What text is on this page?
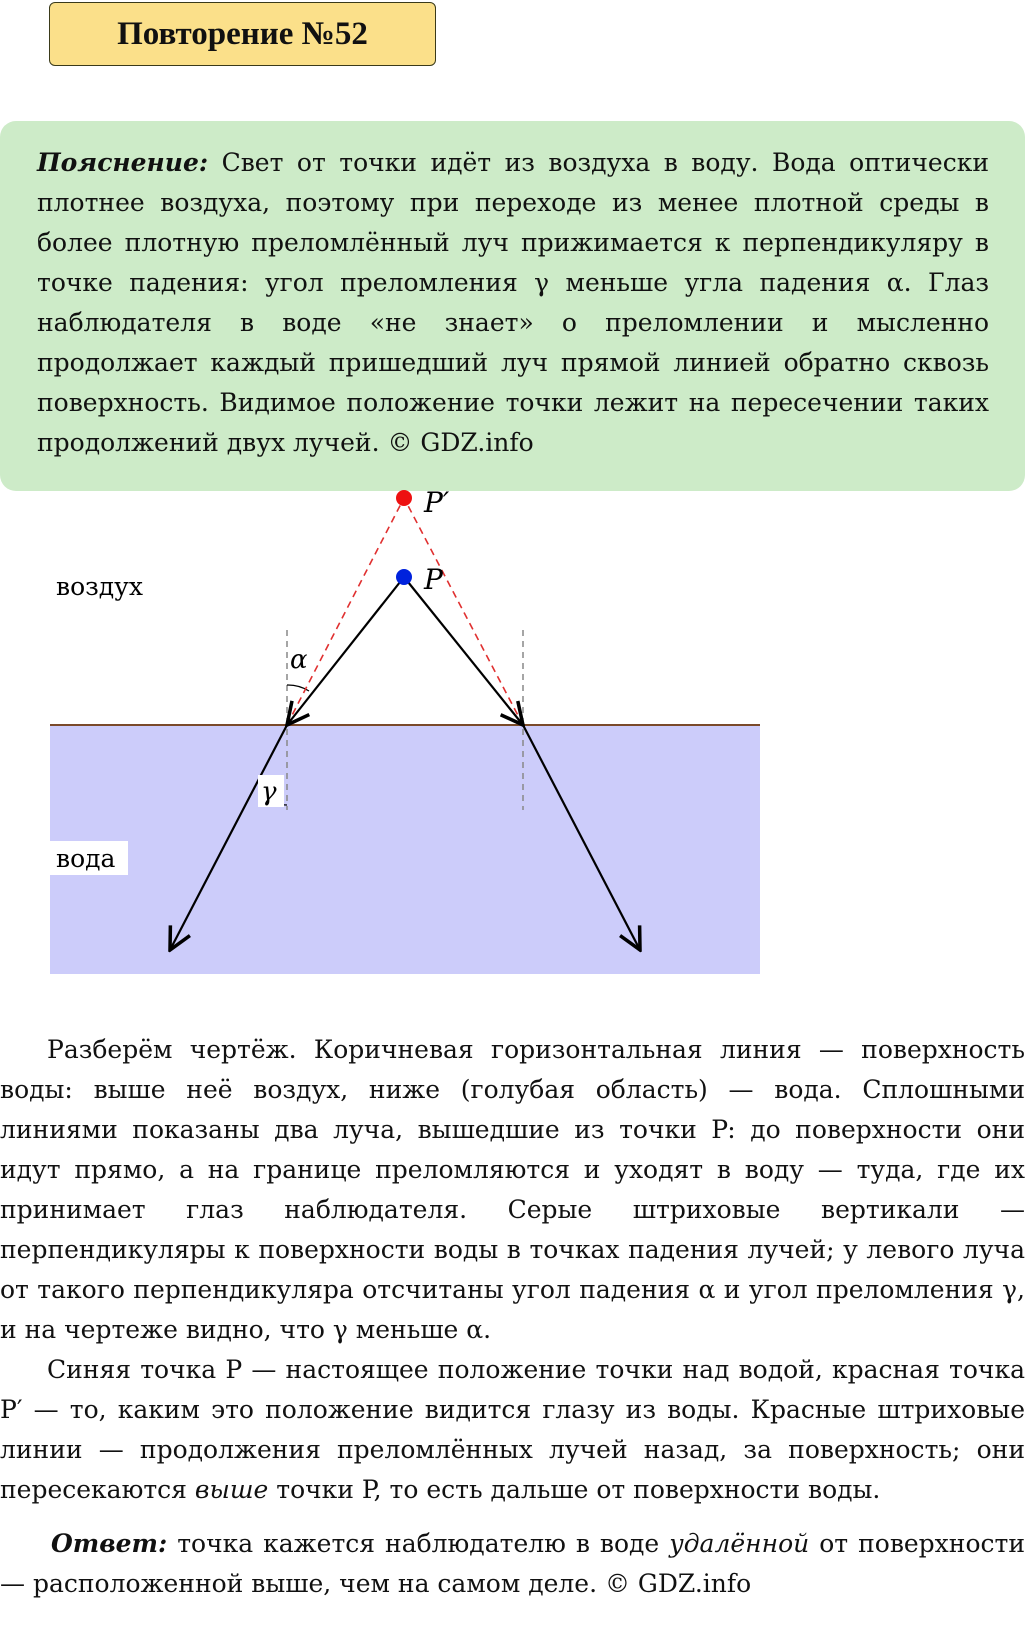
Повторение №52
Пояснение: Свет от точки идёт из воздуха в воду. Вода оптически плотнее воздуха, поэтому при переходе из менее плотной среды в более плотную преломлённый луч прижимается к перпендикуляру в точке падения: угол преломления γ меньше угла падения α. Глаз наблюдателя в воде «не знает» о преломлении и мысленно продолжает каждый пришедший луч прямой линией обратно сквозь поверхность. Видимое положение точки лежит на пересечении таких продолжений двух лучей. © GDZ.info
P′
P
воздух
вода
α
γ

Разберём чертёж. Коричневая горизонтальная линия — поверхность воды: выше неё воздух, ниже (голубая область) — вода. Сплошными линиями показаны два луча, вышедшие из точки P: до поверхности они идут прямо, а на границе преломляются и уходят в воду — туда, где их принимает глаз наблюдателя. Серые штриховые вертикали — перпендикуляры к поверхности воды в точках падения лучей; у левого луча от такого перпендикуляра отсчитаны угол падения α и угол преломления γ, и на чертеже видно, что γ меньше α.

Синяя точка P — настоящее положение точки над водой, красная точка P′ — то, каким это положение видится глазу из воды. Красные штриховые линии — продолжения преломлённых лучей назад, за поверхность; они пересекаются выше точки P, то есть дальше от поверхности воды.

Ответ: точка кажется наблюдателю в воде удалённой от поверхности — расположенной выше, чем на самом деле. © GDZ.info
